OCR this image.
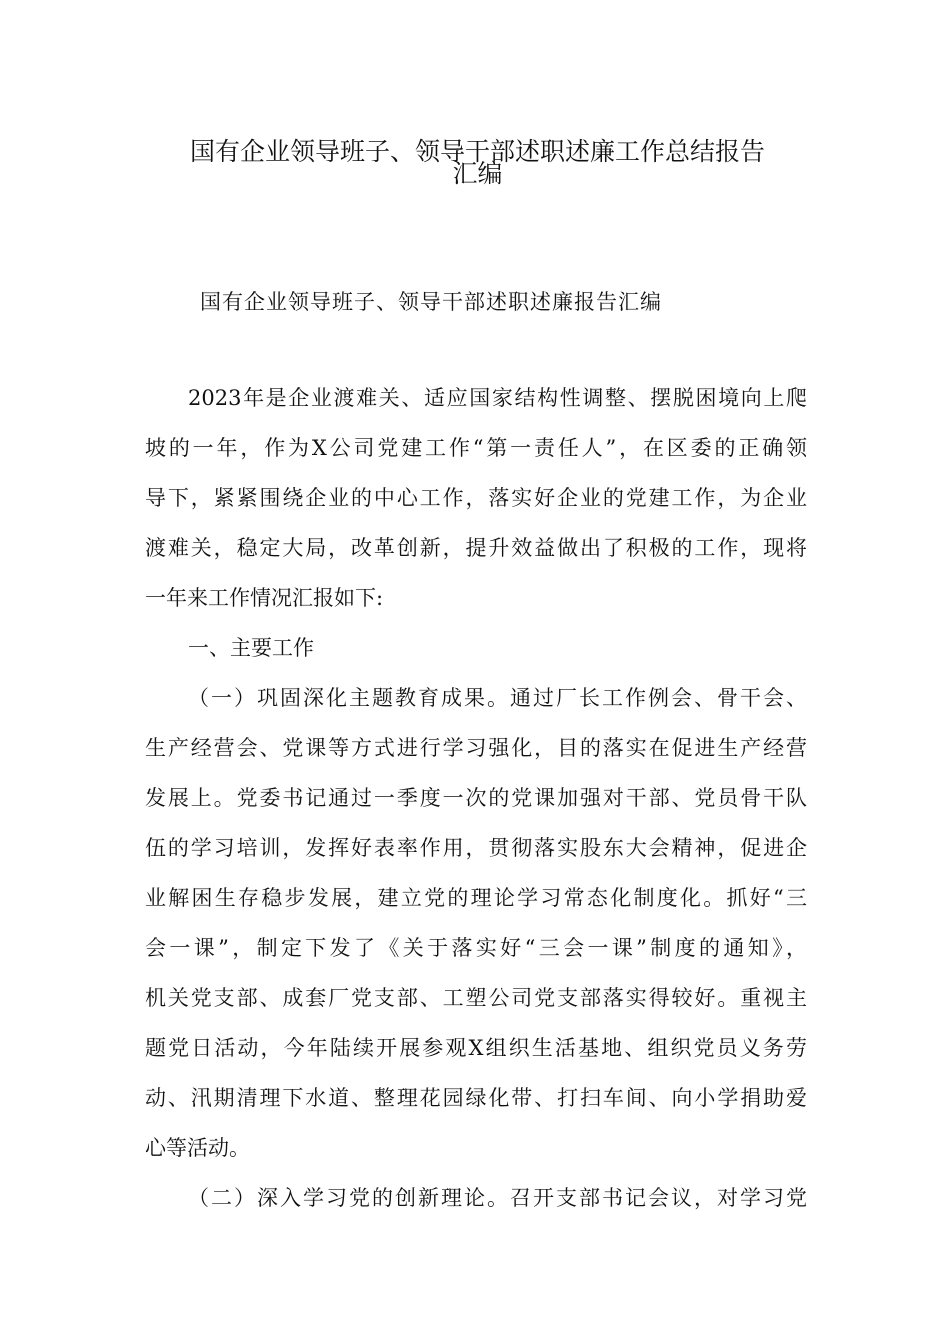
国有企业领导班子、领导干部述职述廉工作总结报告
汇编
国有企业领导班子、领导干部述职述廉报告汇编
2023年是企业渡难关、适应国家结构性调整、摆脱困境向上爬
坡的一年，作为X公司党建工作“第一责任人”，在区委的正确领
导下，紧紧围绕企业的中心工作，落实好企业的党建工作，为企业
渡难关，稳定大局，改革创新，提升效益做出了积极的工作，现将
一年来工作情况汇报如下:
一、主要工作
（一）巩固深化主题教育成果。通过厂长工作例会、骨干会、
生产经营会、党课等方式进行学习强化，目的落实在促进生产经营
发展上。党委书记通过一季度一次的党课加强对干部、党员骨干队
伍的学习培训，发挥好表率作用，贯彻落实股东大会精神，促进企
业解困生存稳步发展，建立党的理论学习常态化制度化。抓好“三
会一课”，制定下发了《关于落实好“三会一课”制度的通知》，
机关党支部、成套厂党支部、工塑公司党支部落实得较好。重视主
题党日活动，今年陆续开展参观X组织生活基地、组织党员义务劳
动、汛期清理下水道、整理花园绿化带、打扫车间、向小学捐助爱
心等活动。
（二）深入学习党的创新理论。召开支部书记会议，对学习党
